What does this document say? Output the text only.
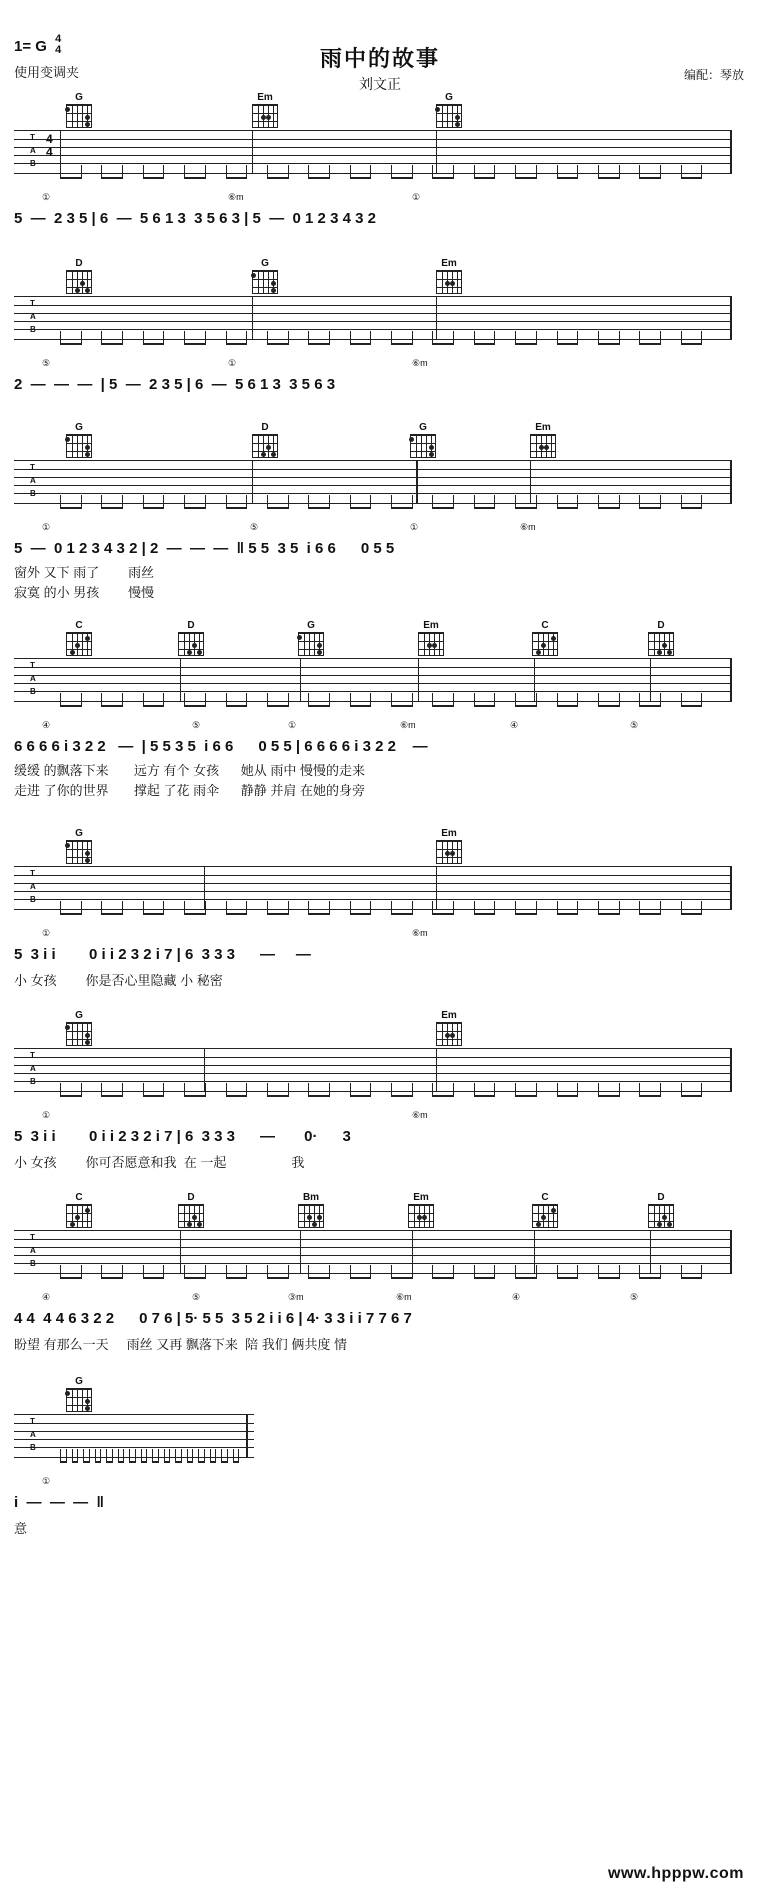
1= G 4
4
使用变调夹
雨中的故事
刘文正
编配：琴放
www.hpppw.com
G	Em	G
T
A
B
4
4
5  —  2 3 5 | 6  —  5 6 1 3  3 5 6 3 | 5  —  0 1 2 3 4 3 2
①	⑥m	①
D	G	Em
T
A
B
2  —  —  —  | 5  —  2 3 5 | 6  —  5 6 1 3  3 5 6 3
⑤	①	⑥m
G	D	G	Em
T
A
B
5  —  0 1 2 3 4 3 2 | 2  —  —  —  ‖ 5 5  3 5  i 6 6      0 5 5
窗外 又下 雨了        雨丝
寂寞 的小 男孩        慢慢
①	⑤	①	⑥m
C	D	G	Em	C	D
T
A
B
6 6 6 6 i 3 2 2   —  | 5 5 3 5  i 6 6      0 5 5 | 6 6 6 6 i 3 2 2    —
缓缓 的飘落下来       远方 有个 女孩      她从 雨中 慢慢的走来
走进 了你的世界       撑起 了花 雨伞      静静 并肩 在她的身旁
④	⑤	①	⑥m	④	⑤
G	Em
T
A
B
5  3 i i        0 i i 2 3 2 i 7 | 6  3 3 3      —     —
小 女孩        你是否心里隐藏 小 秘密
①	⑥m
G	Em
T
A
B
5  3 i i        0 i i 2 3 2 i 7 | 6  3 3 3      —       0·      3
小 女孩        你可否愿意和我  在 一起                  我
①	⑥m
C	D	Bm	Em	C	D
T
A
B
4 4  4 4 6 3 2 2      0 7 6 | 5· 5 5  3 5 2 i i 6 | 4· 3 3 i i 7 7 6 7
盼望 有那么一天     雨丝 又再 飘落下来  陪 我们 俩共度 情
④	⑤	③m	⑥m	④	⑤
G
T
A
B
i  —  —  —  ‖
意
①
